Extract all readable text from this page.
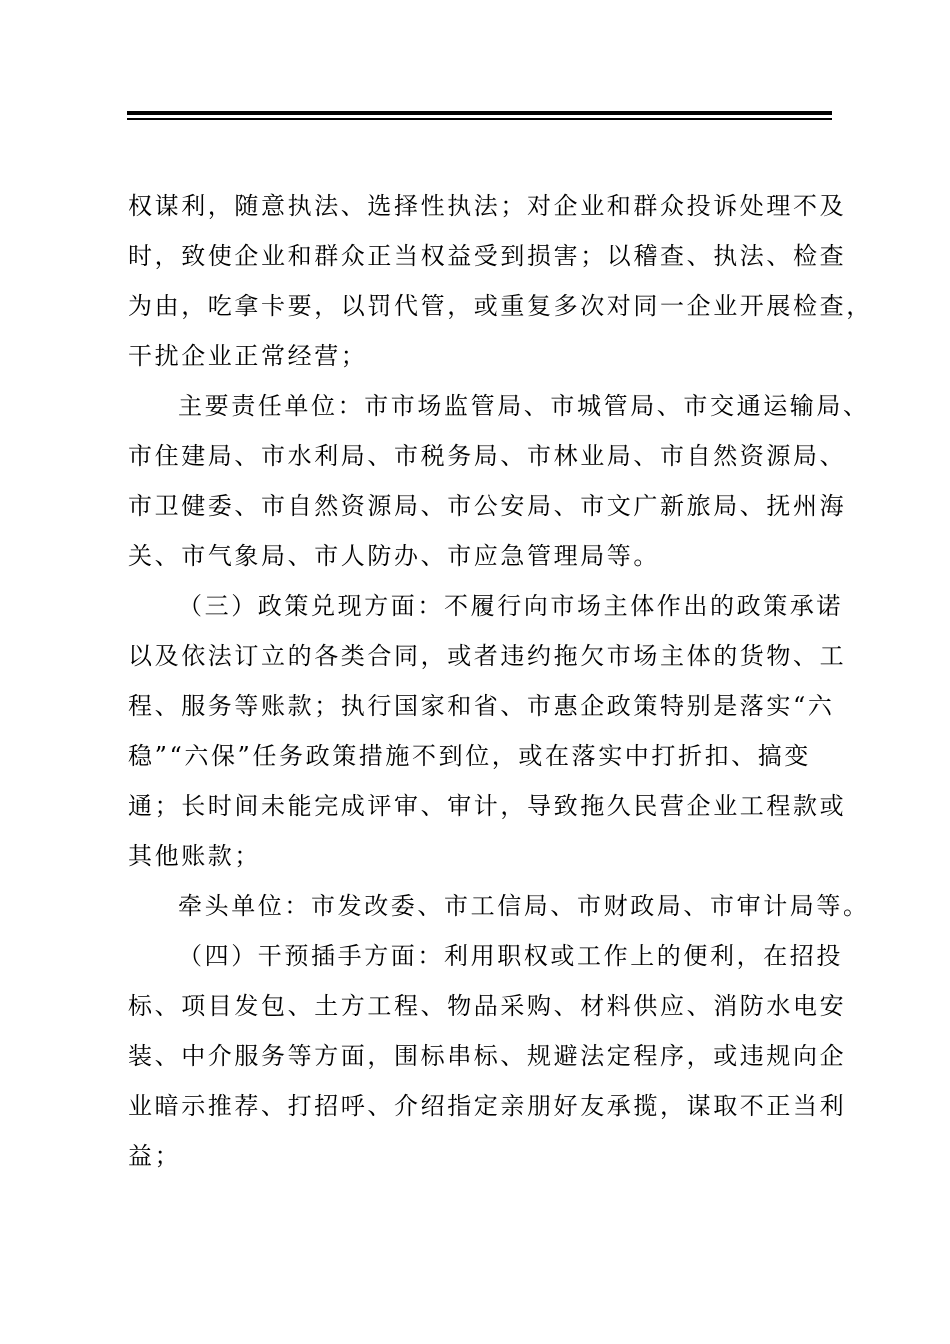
权谋利，随意执法、选择性执法；对企业和群众投诉处理不及
时，致使企业和群众正当权益受到损害；以稽查、执法、检查
为由，吃拿卡要，以罚代管，或重复多次对同一企业开展检查，
干扰企业正常经营；
主要责任单位：市市场监管局、市城管局、市交通运输局、
市住建局、市水利局、市税务局、市林业局、市自然资源局、
市卫健委、市自然资源局、市公安局、市文广新旅局、抚州海
关、市气象局、市人防办、市应急管理局等。
（三）政策兑现方面：不履行向市场主体作出的政策承诺
以及依法订立的各类合同，或者违约拖欠市场主体的货物、工
程、服务等账款；执行国家和省、市惠企政策特别是落实“六
稳”“六保”任务政策措施不到位，或在落实中打折扣、搞变
通；长时间未能完成评审、审计，导致拖久民营企业工程款或
其他账款；
牵头单位：市发改委、市工信局、市财政局、市审计局等。
（四）干预插手方面：利用职权或工作上的便利，在招投
标、项目发包、土方工程、物品采购、材料供应、消防水电安
装、中介服务等方面，围标串标、规避法定程序，或违规向企
业暗示推荐、打招呼、介绍指定亲朋好友承揽，谋取不正当利
益；
